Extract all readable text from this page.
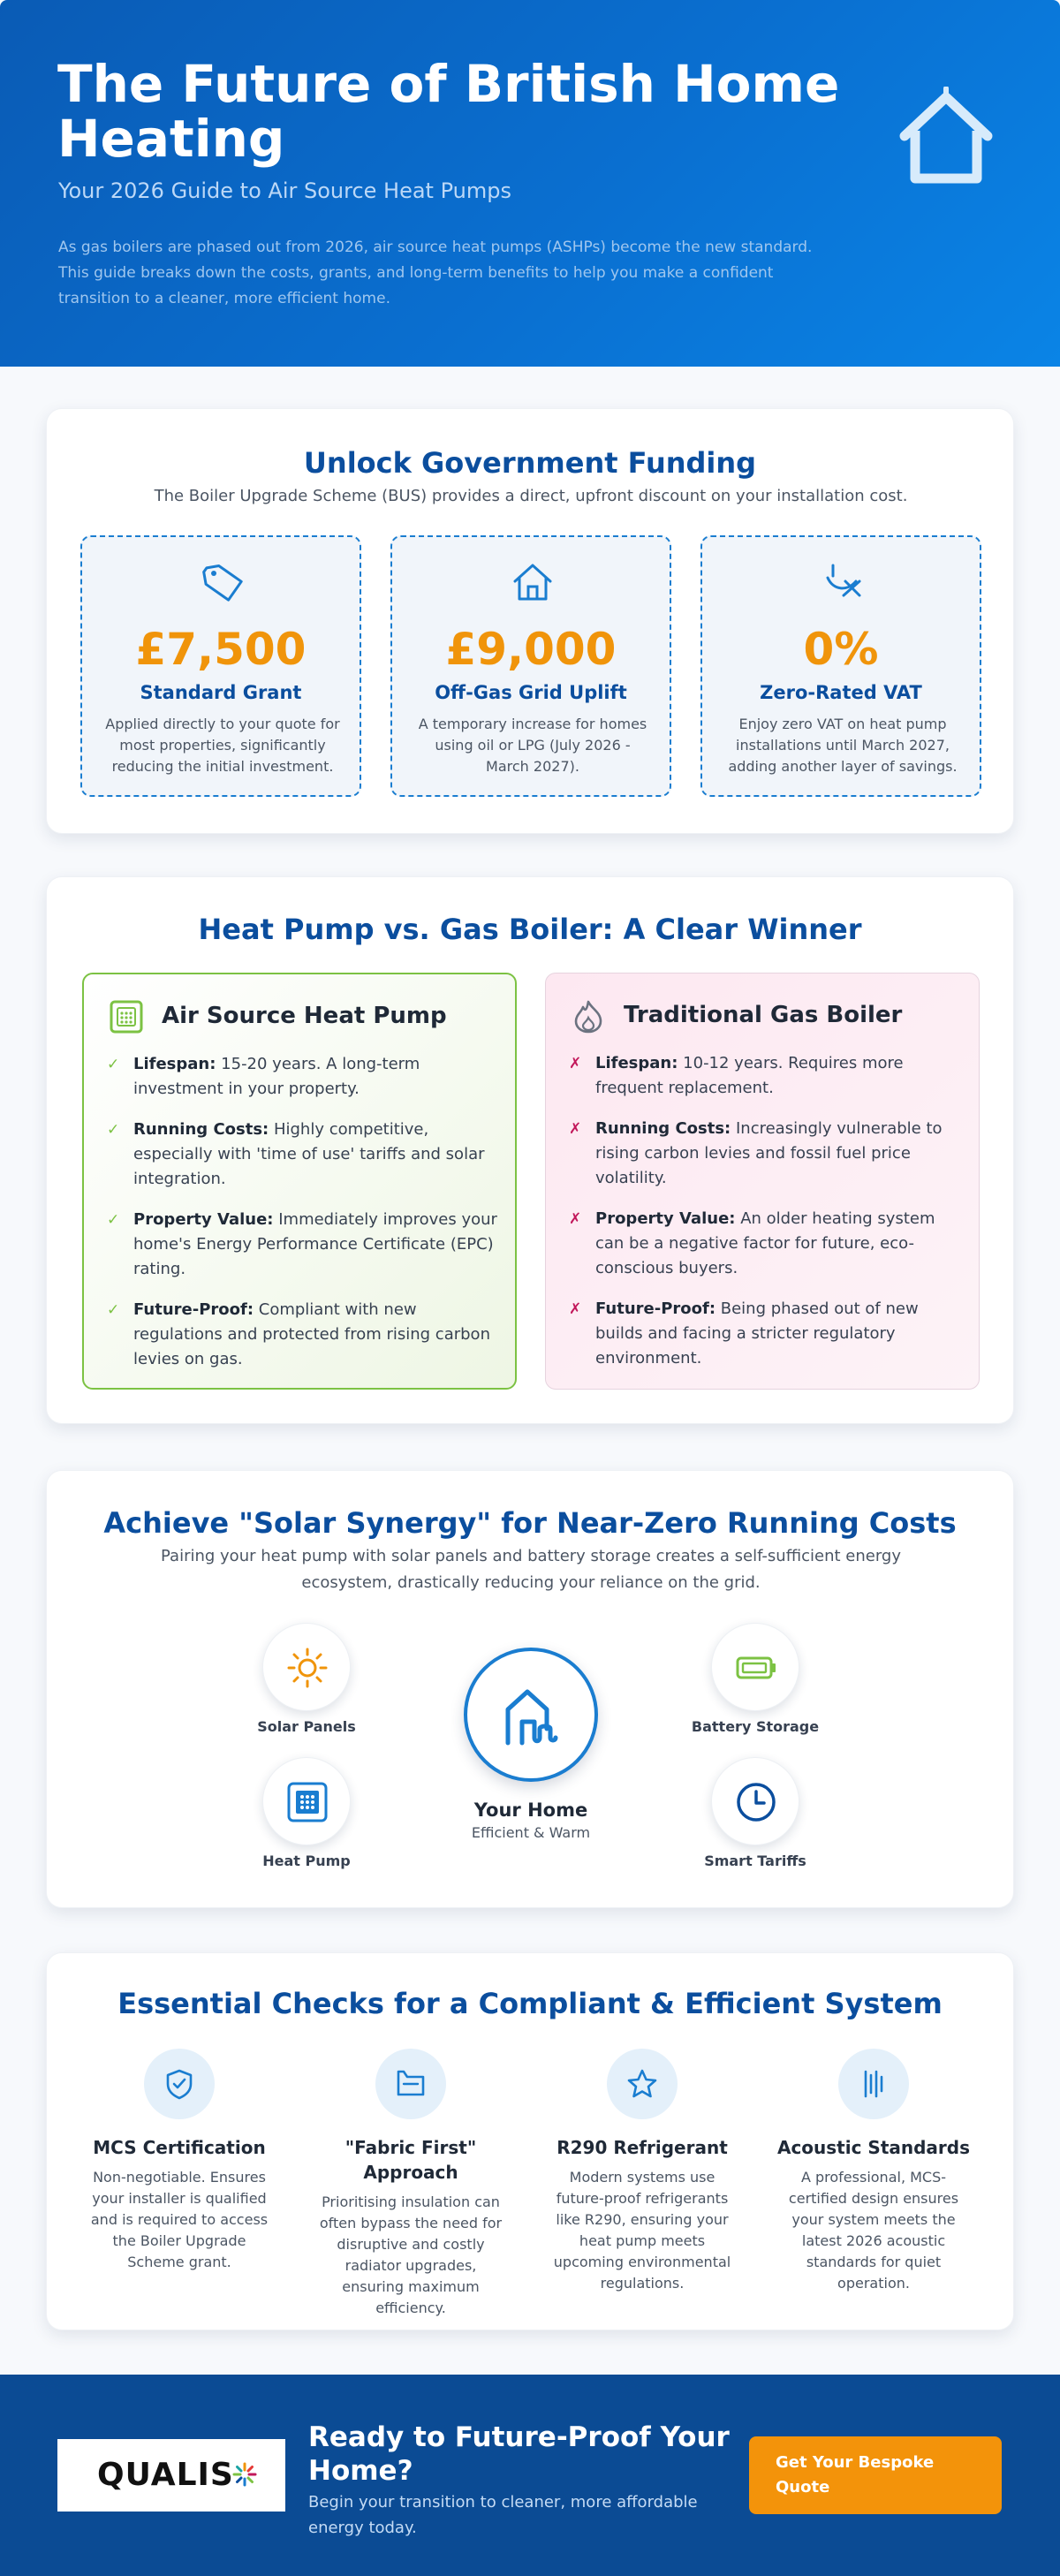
The Future of British Home Heating
Your 2026 Guide to Air Source Heat Pumps

As gas boilers are phased out from 2026, air source heat pumps (ASHPs) become the new standard. This guide breaks down the costs, grants, and long-term benefits to help you make a confident transition to a cleaner, more efficient home.

Unlock Government Funding

The Boiler Upgrade Scheme (BUS) provides a direct, upfront discount on your installation cost.

£7,500
Standard Grant
Applied directly to your quote for most properties, significantly reducing the initial investment.
£9,000
Off-Gas Grid Uplift
A temporary increase for homes using oil or LPG (July 2026 - March 2027).
0%
Zero-Rated VAT
Enjoy zero VAT on heat pump installations until March 2027, adding another layer of savings.
Heat Pump vs. Gas Boiler: A Clear Winner
Air Source Heat Pump
✓ Lifespan: 15-20 years. A long-term investment in your property.
✓ Running Costs: Highly competitive, especially with 'time of use' tariffs and solar integration.
✓ Property Value: Immediately improves your home's Energy Performance Certificate (EPC) rating.
✓ Future-Proof: Compliant with new regulations and protected from rising carbon levies on gas.
Traditional Gas Boiler
✗ Lifespan: 10-12 years. Requires more frequent replacement.
✗ Running Costs: Increasingly vulnerable to rising carbon levies and fossil fuel price volatility.
✗ Property Value: An older heating system can be a negative factor for future, eco-conscious buyers.
✗ Future-Proof: Being phased out of new builds and facing a stricter regulatory environment.
Achieve "Solar Synergy" for Near-Zero Running Costs

Pairing your heat pump with solar panels and battery storage creates a self-sufficient energy ecosystem, drastically reducing your reliance on the grid.

Solar Panels	Battery Storage
Your Home
Efficient & Warm
Heat Pump	Smart Tariffs
Essential Checks for a Compliant & Efficient System
MCS Certification
Non-negotiable. Ensures your installer is qualified and is required to access the Boiler Upgrade Scheme grant.
"Fabric First" Approach
Prioritising insulation can often bypass the need for disruptive and costly radiator upgrades, ensuring maximum efficiency.
R290 Refrigerant
Modern systems use future-proof refrigerants like R290, ensuring your heat pump meets upcoming environmental regulations.
Acoustic Standards
A professional, MCS-certified design ensures your system meets the latest 2026 acoustic standards for quiet operation.
QUALIS
Ready to Future-Proof Your Home?
Begin your transition to cleaner, more affordable energy today.
Get Your Bespoke Quote
